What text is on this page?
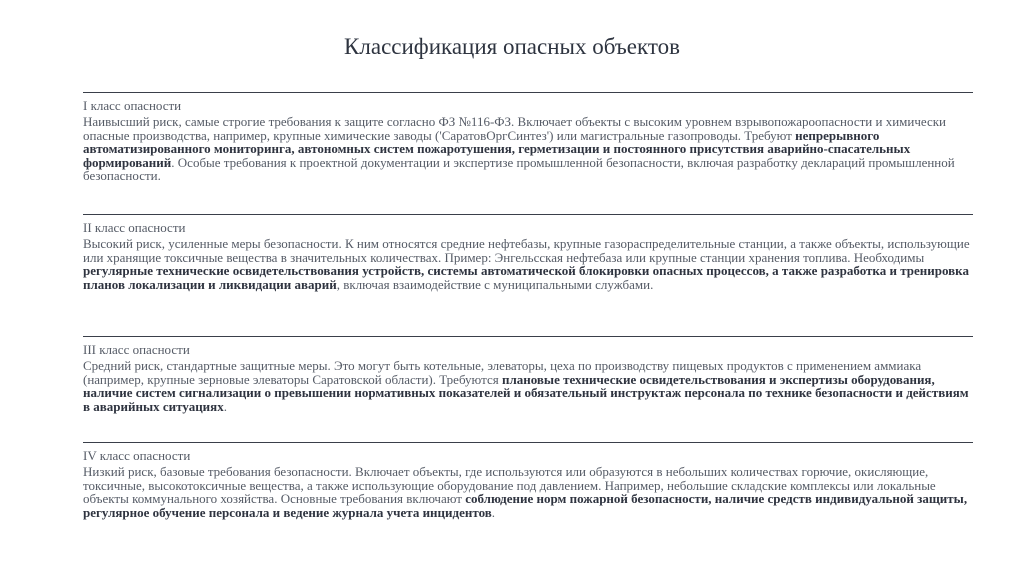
Классификация опасных объектов
I класс опасности

Наивысший риск, самые строгие требования к защите согласно ФЗ №116-ФЗ. Включает объекты с высоким уровнем взрывопожароопасности и химически опасные производства, например, крупные химические заводы ('СаратовОргСинтез') или магистральные газопроводы. Требуют непрерывного автоматизированного мониторинга, автономных систем пожаротушения, герметизации и постоянного присутствия аварийно-спасательных формирований. Особые требования к проектной документации и экспертизе промышленной безопасности, включая разработку деклараций промышленной безопасности.

II класс опасности

Высокий риск, усиленные меры безопасности. К ним относятся средние нефтебазы, крупные газораспределительные станции, а также объекты, использующие или хранящие токсичные вещества в значительных количествах. Пример: Энгельсская нефтебаза или крупные станции хранения топлива. Необходимы регулярные технические освидетельствования устройств, системы автоматической блокировки опасных процессов, а также разработка и тренировка планов локализации и ликвидации аварий, включая взаимодействие с муниципальными службами.

III класс опасности

Средний риск, стандартные защитные меры. Это могут быть котельные, элеваторы, цеха по производству пищевых продуктов с применением аммиака (например, крупные зерновые элеваторы Саратовской области). Требуются плановые технические освидетельствования и экспертизы оборудования, наличие систем сигнализации о превышении нормативных показателей и обязательный инструктаж персонала по технике безопасности и действиям в аварийных ситуациях.

IV класс опасности

Низкий риск, базовые требования безопасности. Включает объекты, где используются или образуются в небольших количествах горючие, окисляющие, токсичные, высокотоксичные вещества, а также использующие оборудование под давлением. Например, небольшие складские комплексы или локальные объекты коммунального хозяйства. Основные требования включают соблюдение норм пожарной безопасности, наличие средств индивидуальной защиты, регулярное обучение персонала и ведение журнала учета инцидентов.
